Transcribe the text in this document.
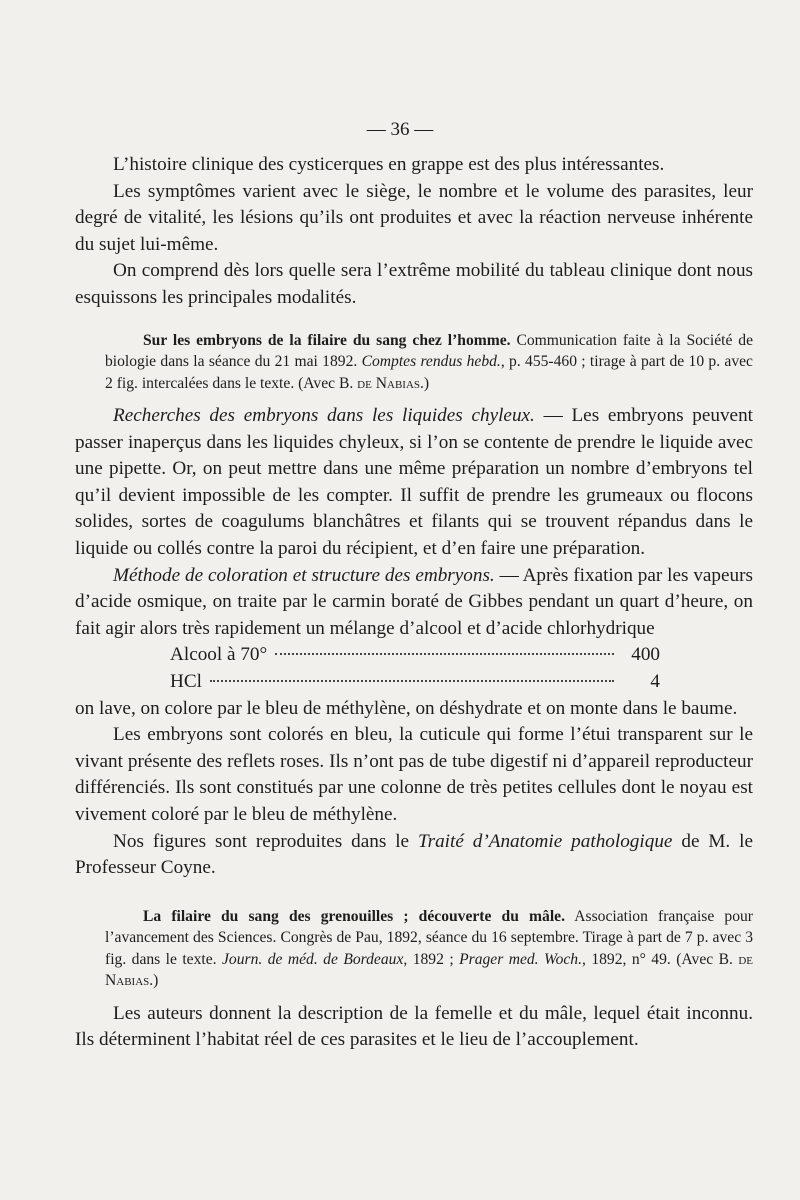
— 36 —

L’histoire clinique des cysticerques en grappe est des plus intéressantes.

Les symptômes varient avec le siège, le nombre et le volume des parasites, leur degré de vitalité, les lésions qu’ils ont produites et avec la réaction nerveuse inhérente du sujet lui-même.

On comprend dès lors quelle sera l’extrême mobilité du tableau clinique dont nous esquissons les principales modalités.

Sur les embryons de la filaire du sang chez l’homme. Communication faite à la Société de biologie dans la séance du 21 mai 1892. Comptes rendus hebd., p. 455-460 ; tirage à part de 10 p. avec 2 fig. intercalées dans le texte. (Avec B. de Nabias.)

Recherches des embryons dans les liquides chyleux. — Les embryons peuvent passer inaperçus dans les liquides chyleux, si l’on se contente de prendre le liquide avec une pipette. Or, on peut mettre dans une même préparation un nombre d’embryons tel qu’il devient impossible de les compter. Il suffit de prendre les grumeaux ou flocons solides, sortes de coagulums blanchâtres et filants qui se trouvent répandus dans le liquide ou collés contre la paroi du récipient, et d’en faire une préparation.

Méthode de coloration et structure des embryons. — Après fixation par les vapeurs d’acide osmique, on traite par le carmin boraté de Gibbes pendant un quart d’heure, on fait agir alors très rapidement un mélange d’alcool et d’acide chlorhydrique

Alcool à 70°	400
HCl	4

on lave, on colore par le bleu de méthylène, on déshydrate et on monte dans le baume.

Les embryons sont colorés en bleu, la cuticule qui forme l’étui transparent sur le vivant présente des reflets roses. Ils n’ont pas de tube digestif ni d’appareil reproducteur différenciés. Ils sont constitués par une colonne de très petites cellules dont le noyau est vivement coloré par le bleu de méthylène.

Nos figures sont reproduites dans le Traité d’Anatomie pathologique de M. le Professeur Coyne.

La filaire du sang des grenouilles ; découverte du mâle. Association française pour l’avancement des Sciences. Congrès de Pau, 1892, séance du 16 septembre. Tirage à part de 7 p. avec 3 fig. dans le texte. Journ. de méd. de Bordeaux, 1892 ; Prager med. Woch., 1892, n° 49. (Avec B. de Nabias.)

Les auteurs donnent la description de la femelle et du mâle, lequel était inconnu. Ils déterminent l’habitat réel de ces parasites et le lieu de l’accouplement.
